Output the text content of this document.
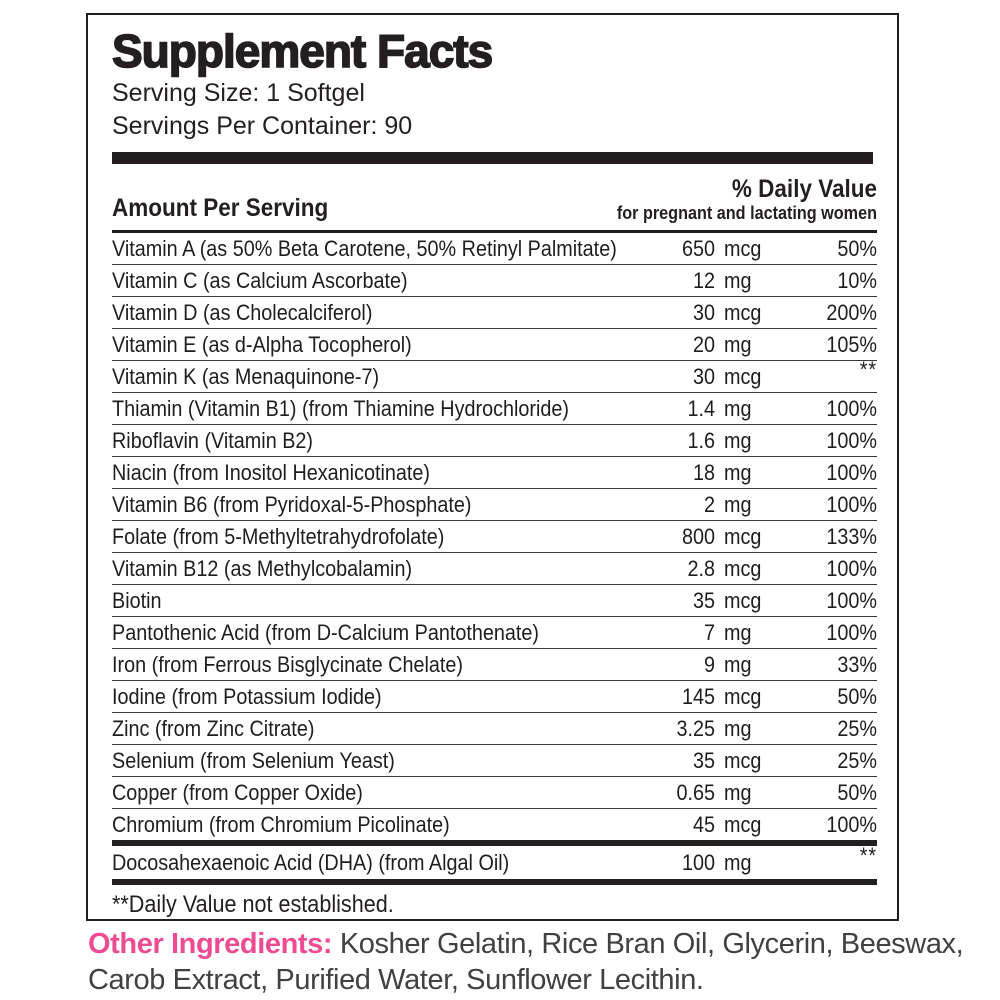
Supplement Facts
Serving Size: 1 Softgel
Servings Per Container: 90
Amount Per Serving
% Daily Value
for pregnant and lactating women
Vitamin A (as 50% Beta Carotene, 50% Retinyl Palmitate)	650 mcg	50%
Vitamin C (as Calcium Ascorbate)	12 mg	10%
Vitamin D (as Cholecalciferol)	30 mcg	200%
Vitamin E (as d-Alpha Tocopherol)	20 mg	105%
Vitamin K (as Menaquinone-7)	30 mcg	**
Thiamin (Vitamin B1) (from Thiamine Hydrochloride)	1.4 mg	100%
Riboflavin (Vitamin B2)	1.6 mg	100%
Niacin (from Inositol Hexanicotinate)	18 mg	100%
Vitamin B6 (from Pyridoxal-5-Phosphate)	2 mg	100%
Folate (from 5-Methyltetrahydrofolate)	800 mcg	133%
Vitamin B12 (as Methylcobalamin)	2.8 mcg	100%
Biotin	35 mcg	100%
Pantothenic Acid (from D-Calcium Pantothenate)	7 mg	100%
Iron (from Ferrous Bisglycinate Chelate)	9 mg	33%
Iodine (from Potassium Iodide)	145 mcg	50%
Zinc (from Zinc Citrate)	3.25 mg	25%
Selenium (from Selenium Yeast)	35 mcg	25%
Copper (from Copper Oxide)	0.65 mg	50%
Chromium (from Chromium Picolinate)	45 mcg	100%
Docosahexaenoic Acid (DHA) (from Algal Oil)	100 mg	**
**Daily Value not established.

Other Ingredients: Kosher Gelatin, Rice Bran Oil, Glycerin, Beeswax, Carob Extract, Purified Water, Sunflower Lecithin.
